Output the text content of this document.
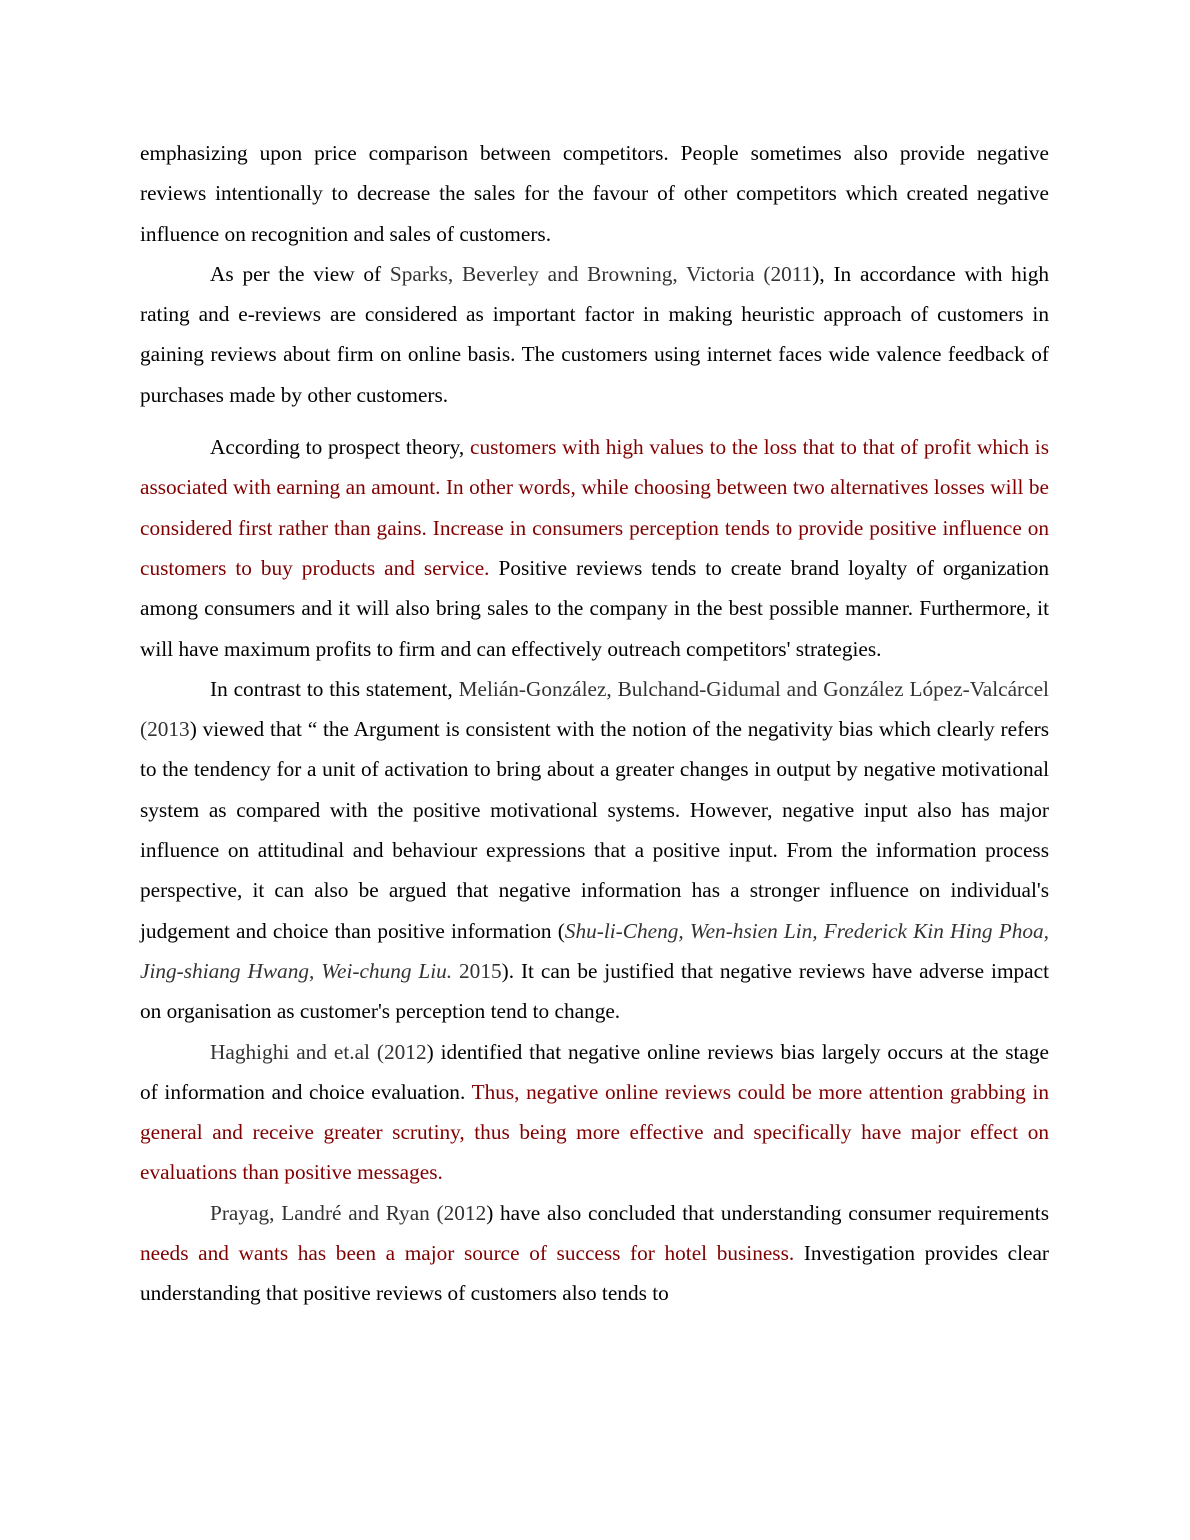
emphasizing upon price comparison between competitors. People sometimes also provide negative reviews intentionally to decrease the sales for the favour of other competitors which created negative influence on recognition and sales of customers.

As per the view of Sparks, Beverley and Browning, Victoria (2011), In accordance with high rating and e-reviews are considered as important factor in making heuristic approach of customers in gaining reviews about firm on online basis. The customers using internet faces wide valence feedback of purchases made by other customers.

According to prospect theory, customers with high values to the loss that to that of profit which is associated with earning an amount. In other words, while choosing between two alternatives losses will be considered first rather than gains. Increase in consumers perception tends to provide positive influence on customers to buy products and service. Positive reviews tends to create brand loyalty of organization among consumers and it will also bring sales to the company in the best possible manner. Furthermore, it will have maximum profits to firm and can effectively outreach competitors' strategies.

In contrast to this statement, Melián-González, Bulchand-Gidumal and González López-Valcárcel (2013) viewed that “ the Argument is consistent with the notion of the negativity bias which clearly refers to the tendency for a unit of activation to bring about a greater changes in output by negative motivational system as compared with the positive motivational systems. However, negative input also has major influence on attitudinal and behaviour expressions that a positive input. From the information process perspective, it can also be argued that negative information has a stronger influence on individual's judgement and choice than positive information (Shu-li-Cheng, Wen-hsien Lin, Frederick Kin Hing Phoa, Jing-shiang Hwang, Wei-chung Liu. 2015). It can be justified that negative reviews have adverse impact on organisation as customer's perception tend to change.

Haghighi and et.al (2012) identified that negative online reviews bias largely occurs at the stage of information and choice evaluation. Thus, negative online reviews could be more attention grabbing in general and receive greater scrutiny, thus being more effective and specifically have major effect on evaluations than positive messages.

Prayag, Landré and Ryan (2012) have also concluded that understanding consumer requirements needs and wants has been a major source of success for hotel business. Investigation provides clear understanding that positive reviews of customers also tends to
